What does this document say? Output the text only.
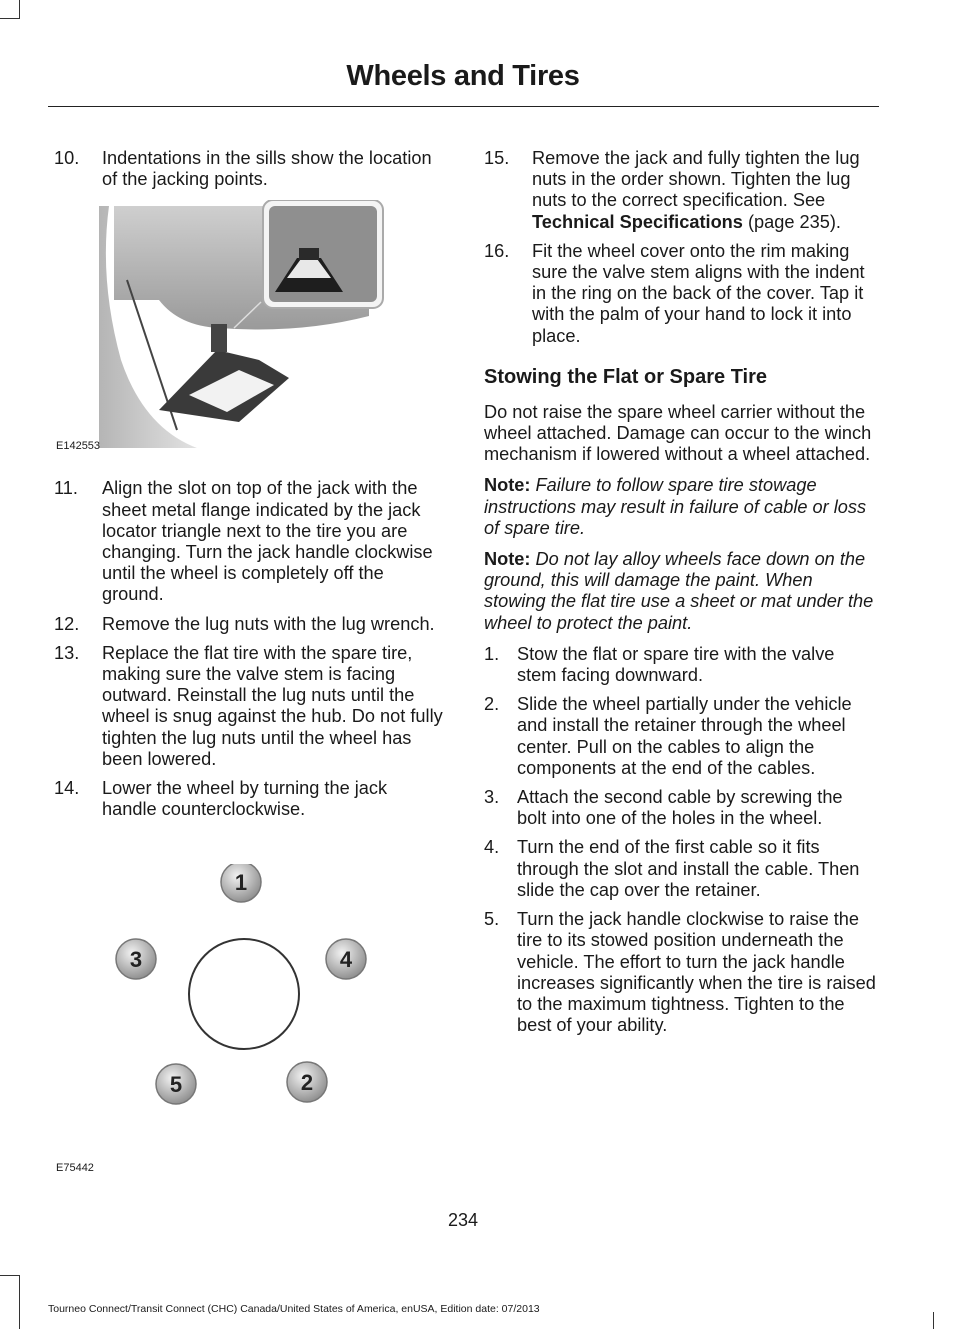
Wheels and Tires
10.	Indentations in the sills show the location of the jacking points.
E142553
11.	Align the slot on top of the jack with the sheet metal flange indicated by the jack locator triangle next to the tire you are changing. Turn the jack handle clockwise until the wheel is completely off the ground.
12.	Remove the lug nuts with the lug wrench.
13.	Replace the flat tire with the spare tire, making sure the valve stem is facing outward. Reinstall the lug nuts until the wheel is snug against the hub. Do not fully tighten the lug nuts until the wheel has been lowered.
14.	Lower the wheel by turning the jack handle counterclockwise.
1
3	4
5	2
E75442
15.	Remove the jack and fully tighten the lug nuts in the order shown. Tighten the lug nuts to the correct specification. See Technical Specifications (page 235).
16.	Fit the wheel cover onto the rim making sure the valve stem aligns with the indent in the ring on the back of the cover. Tap it with the palm of your hand to lock it into place.
Stowing the Flat or Spare Tire
Do not raise the spare wheel carrier without the wheel attached. Damage can occur to the winch mechanism if lowered without a wheel attached.
Note: Failure to follow spare tire stowage instructions may result in failure of cable or loss of spare tire.
Note: Do not lay alloy wheels face down on the ground, this will damage the paint. When stowing the flat tire use a sheet or mat under the wheel to protect the paint.
1. Stow the flat or spare tire with the valve stem facing downward.
2. Slide the wheel partially under the vehicle and install the retainer through the wheel center. Pull on the cables to align the components at the end of the cables.
3. Attach the second cable by screwing the bolt into one of the holes in the wheel.
4. Turn the end of the first cable so it fits through the slot and install the cable. Then slide the cap over the retainer.
5. Turn the jack handle clockwise to raise the tire to its stowed position underneath the vehicle. The effort to turn the jack handle increases significantly when the tire is raised to the maximum tightness. Tighten to the best of your ability.
234
Tourneo Connect/Transit Connect (CHC) Canada/United States of America, enUSA, Edition date: 07/2013
